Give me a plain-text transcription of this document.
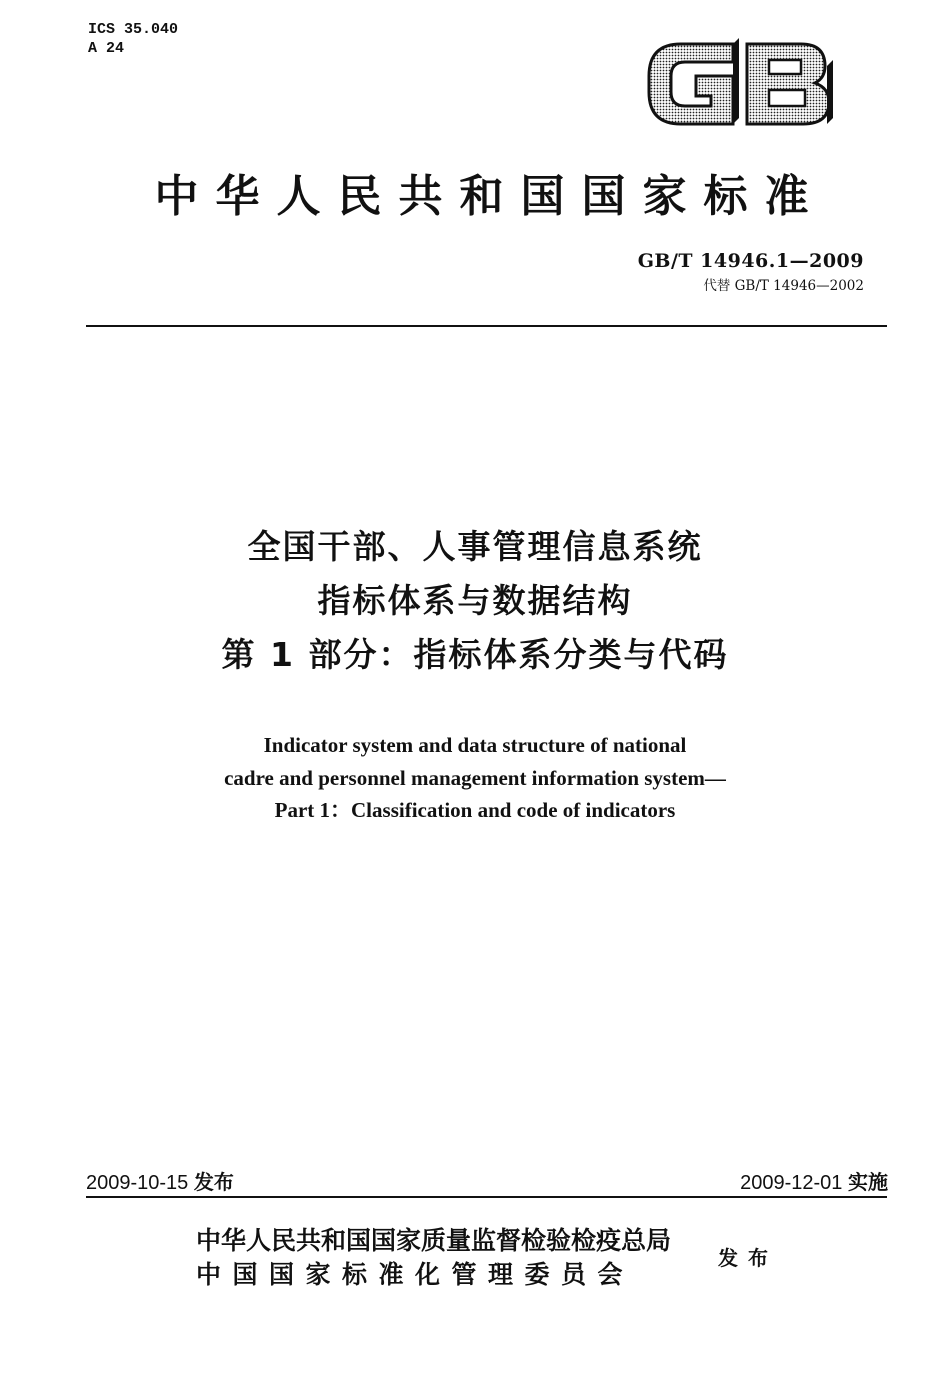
ICS 35.040
A 24
中华人民共和国国家标准
GB/T 14946.1—2009
代替 GB/T 14946—2002
全国干部、人事管理信息系统
指标体系与数据结构
第 1 部分：指标体系分类与代码
Indicator system and data structure of national
cadre and personnel management information system—
Part 1：Classification and code of indicators
2009-10-15 发布	2009-12-01 实施
中华人民共和国国家质量监督检验检疫总局
中国国家标准化管理委员会
发布
